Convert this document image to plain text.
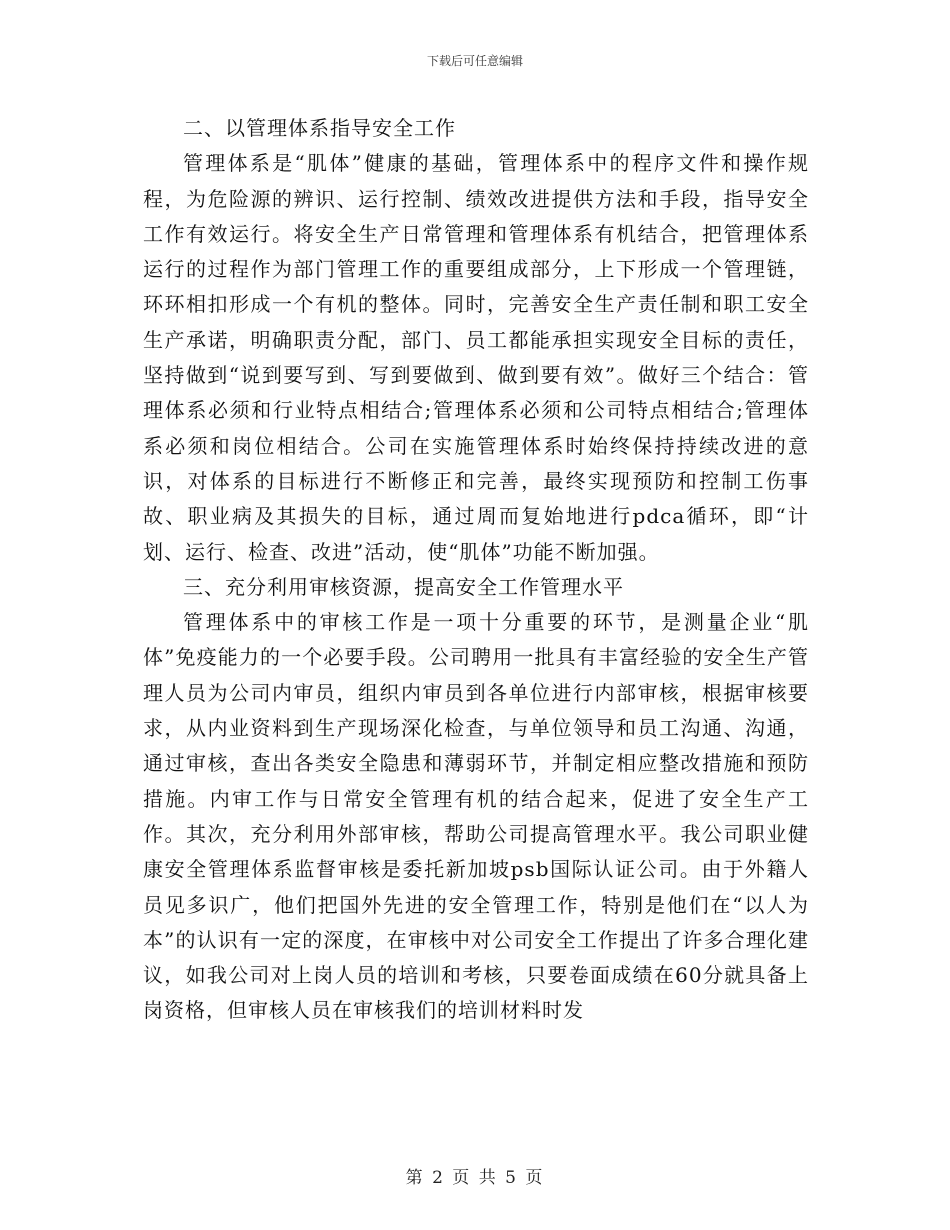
下载后可任意编辑

二、以管理体系指导安全工作

管理体系是“肌体”健康的基础，管理体系中的程序文件和操作规程，为危险源的辨识、运行控制、绩效改进提供方法和手段，指导安全工作有效运行。将安全生产日常管理和管理体系有机结合，把管理体系运行的过程作为部门管理工作的重要组成部分，上下形成一个管理链，环环相扣形成一个有机的整体。同时，完善安全生产责任制和职工安全生产承诺，明确职责分配，部门、员工都能承担实现安全目标的责任，坚持做到“说到要写到、写到要做到、做到要有效”。做好三个结合：管理体系必须和行业特点相结合;管理体系必须和公司特点相结合;管理体系必须和岗位相结合。公司在实施管理体系时始终保持持续改进的意识，对体系的目标进行不断修正和完善，最终实现预防和控制工伤事故、职业病及其损失的目标，通过周而复始地进行pdca循环，即“计划、运行、检查、改进”活动，使“肌体”功能不断加强。

三、充分利用审核资源，提高安全工作管理水平

管理体系中的审核工作是一项十分重要的环节，是测量企业“肌体”免疫能力的一个必要手段。公司聘用一批具有丰富经验的安全生产管理人员为公司内审员，组织内审员到各单位进行内部审核，根据审核要求，从内业资料到生产现场深化检查，与单位领导和员工沟通、沟通，通过审核，查出各类安全隐患和薄弱环节，并制定相应整改措施和预防措施。内审工作与日常安全管理有机的结合起来，促进了安全生产工作。其次，充分利用外部审核，帮助公司提高管理水平。我公司职业健康安全管理体系监督审核是委托新加坡psb国际认证公司。由于外籍人员见多识广，他们把国外先进的安全管理工作，特别是他们在“以人为本”的认识有一定的深度，在审核中对公司安全工作提出了许多合理化建议，如我公司对上岗人员的培训和考核，只要卷面成绩在60分就具备上岗资格，但审核人员在审核我们的培训材料时发

第 2 页 共 5 页
